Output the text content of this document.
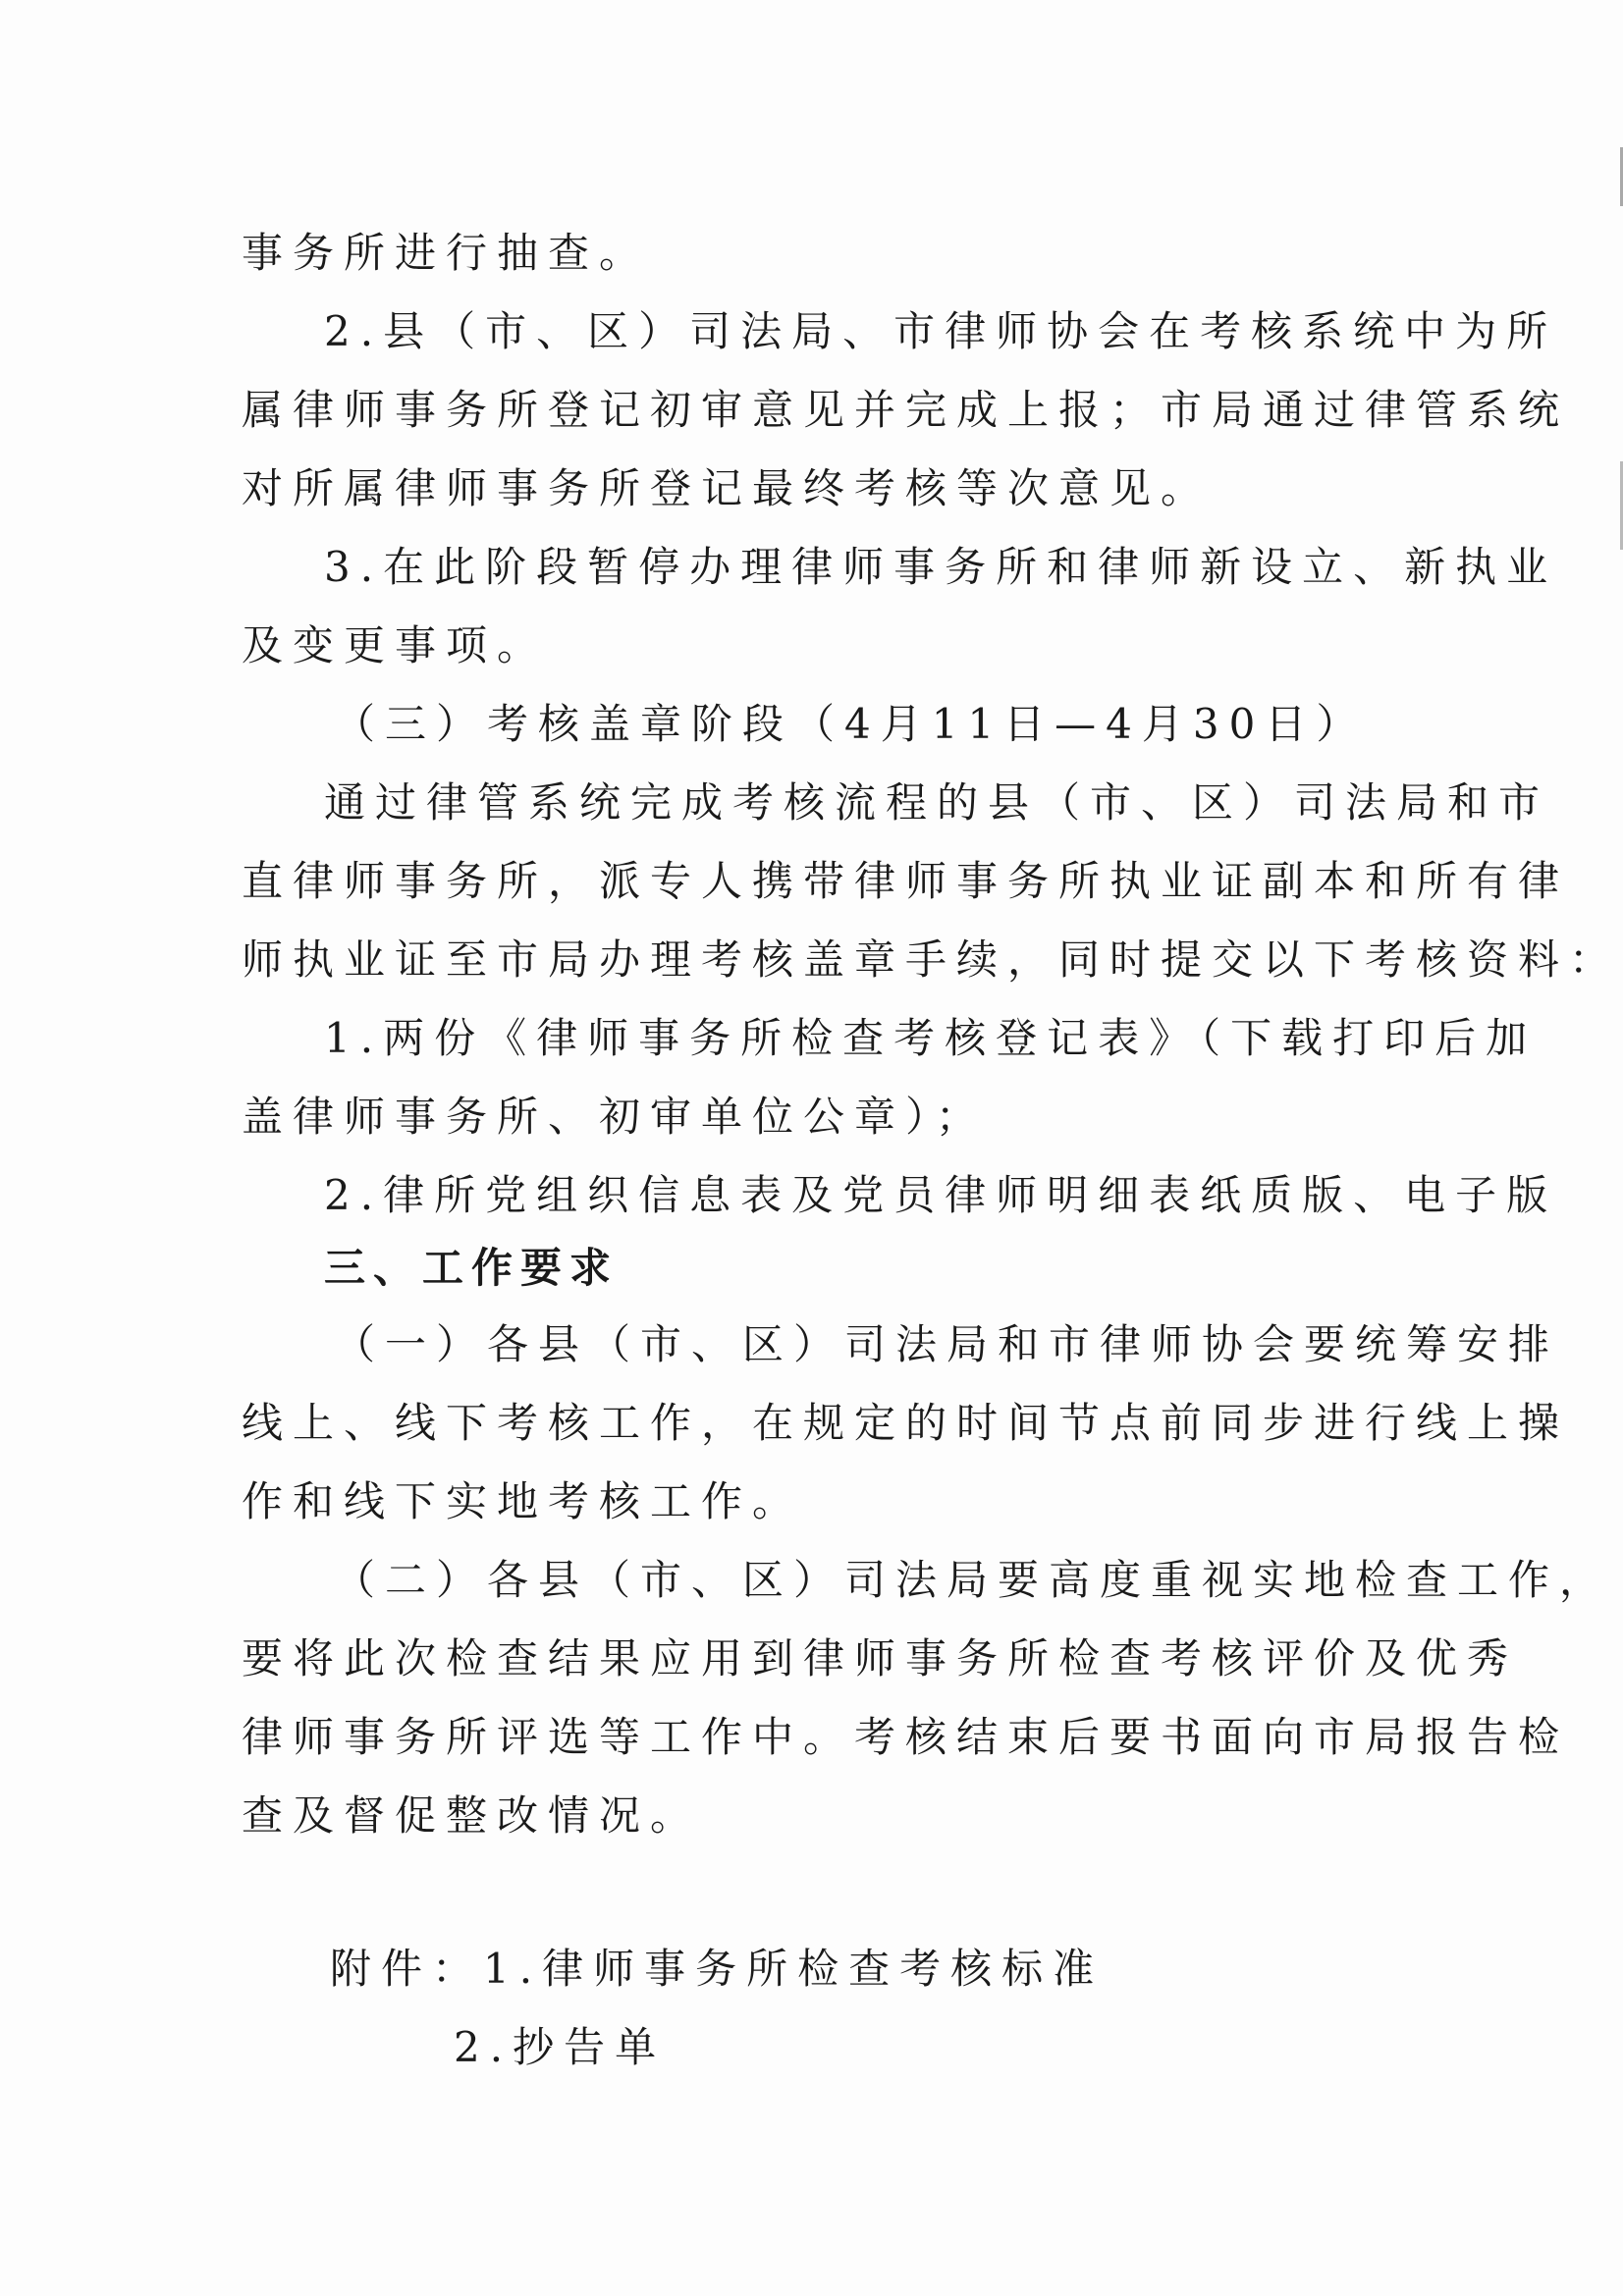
事务所进行抽查。
2.县（市、区）司法局、市律师协会在考核系统中为所
属律师事务所登记初审意见并完成上报；市局通过律管系统
对所属律师事务所登记最终考核等次意见。
3.在此阶段暂停办理律师事务所和律师新设立、新执业
及变更事项。
（三）考核盖章阶段（4月11日—4月30日）
通过律管系统完成考核流程的县（市、区）司法局和市
直律师事务所，派专人携带律师事务所执业证副本和所有律
师执业证至市局办理考核盖章手续，同时提交以下考核资料：
1.两份《律师事务所检查考核登记表》（下载打印后加
盖律师事务所、初审单位公章）；
2.律所党组织信息表及党员律师明细表纸质版、电子版
三、工作要求
（一）各县（市、区）司法局和市律师协会要统筹安排
线上、线下考核工作，在规定的时间节点前同步进行线上操
作和线下实地考核工作。
（二）各县（市、区）司法局要高度重视实地检查工作，
要将此次检查结果应用到律师事务所检查考核评价及优秀
律师事务所评选等工作中。考核结束后要书面向市局报告检
查及督促整改情况。
附件：1.律师事务所检查考核标准
2.抄告单
